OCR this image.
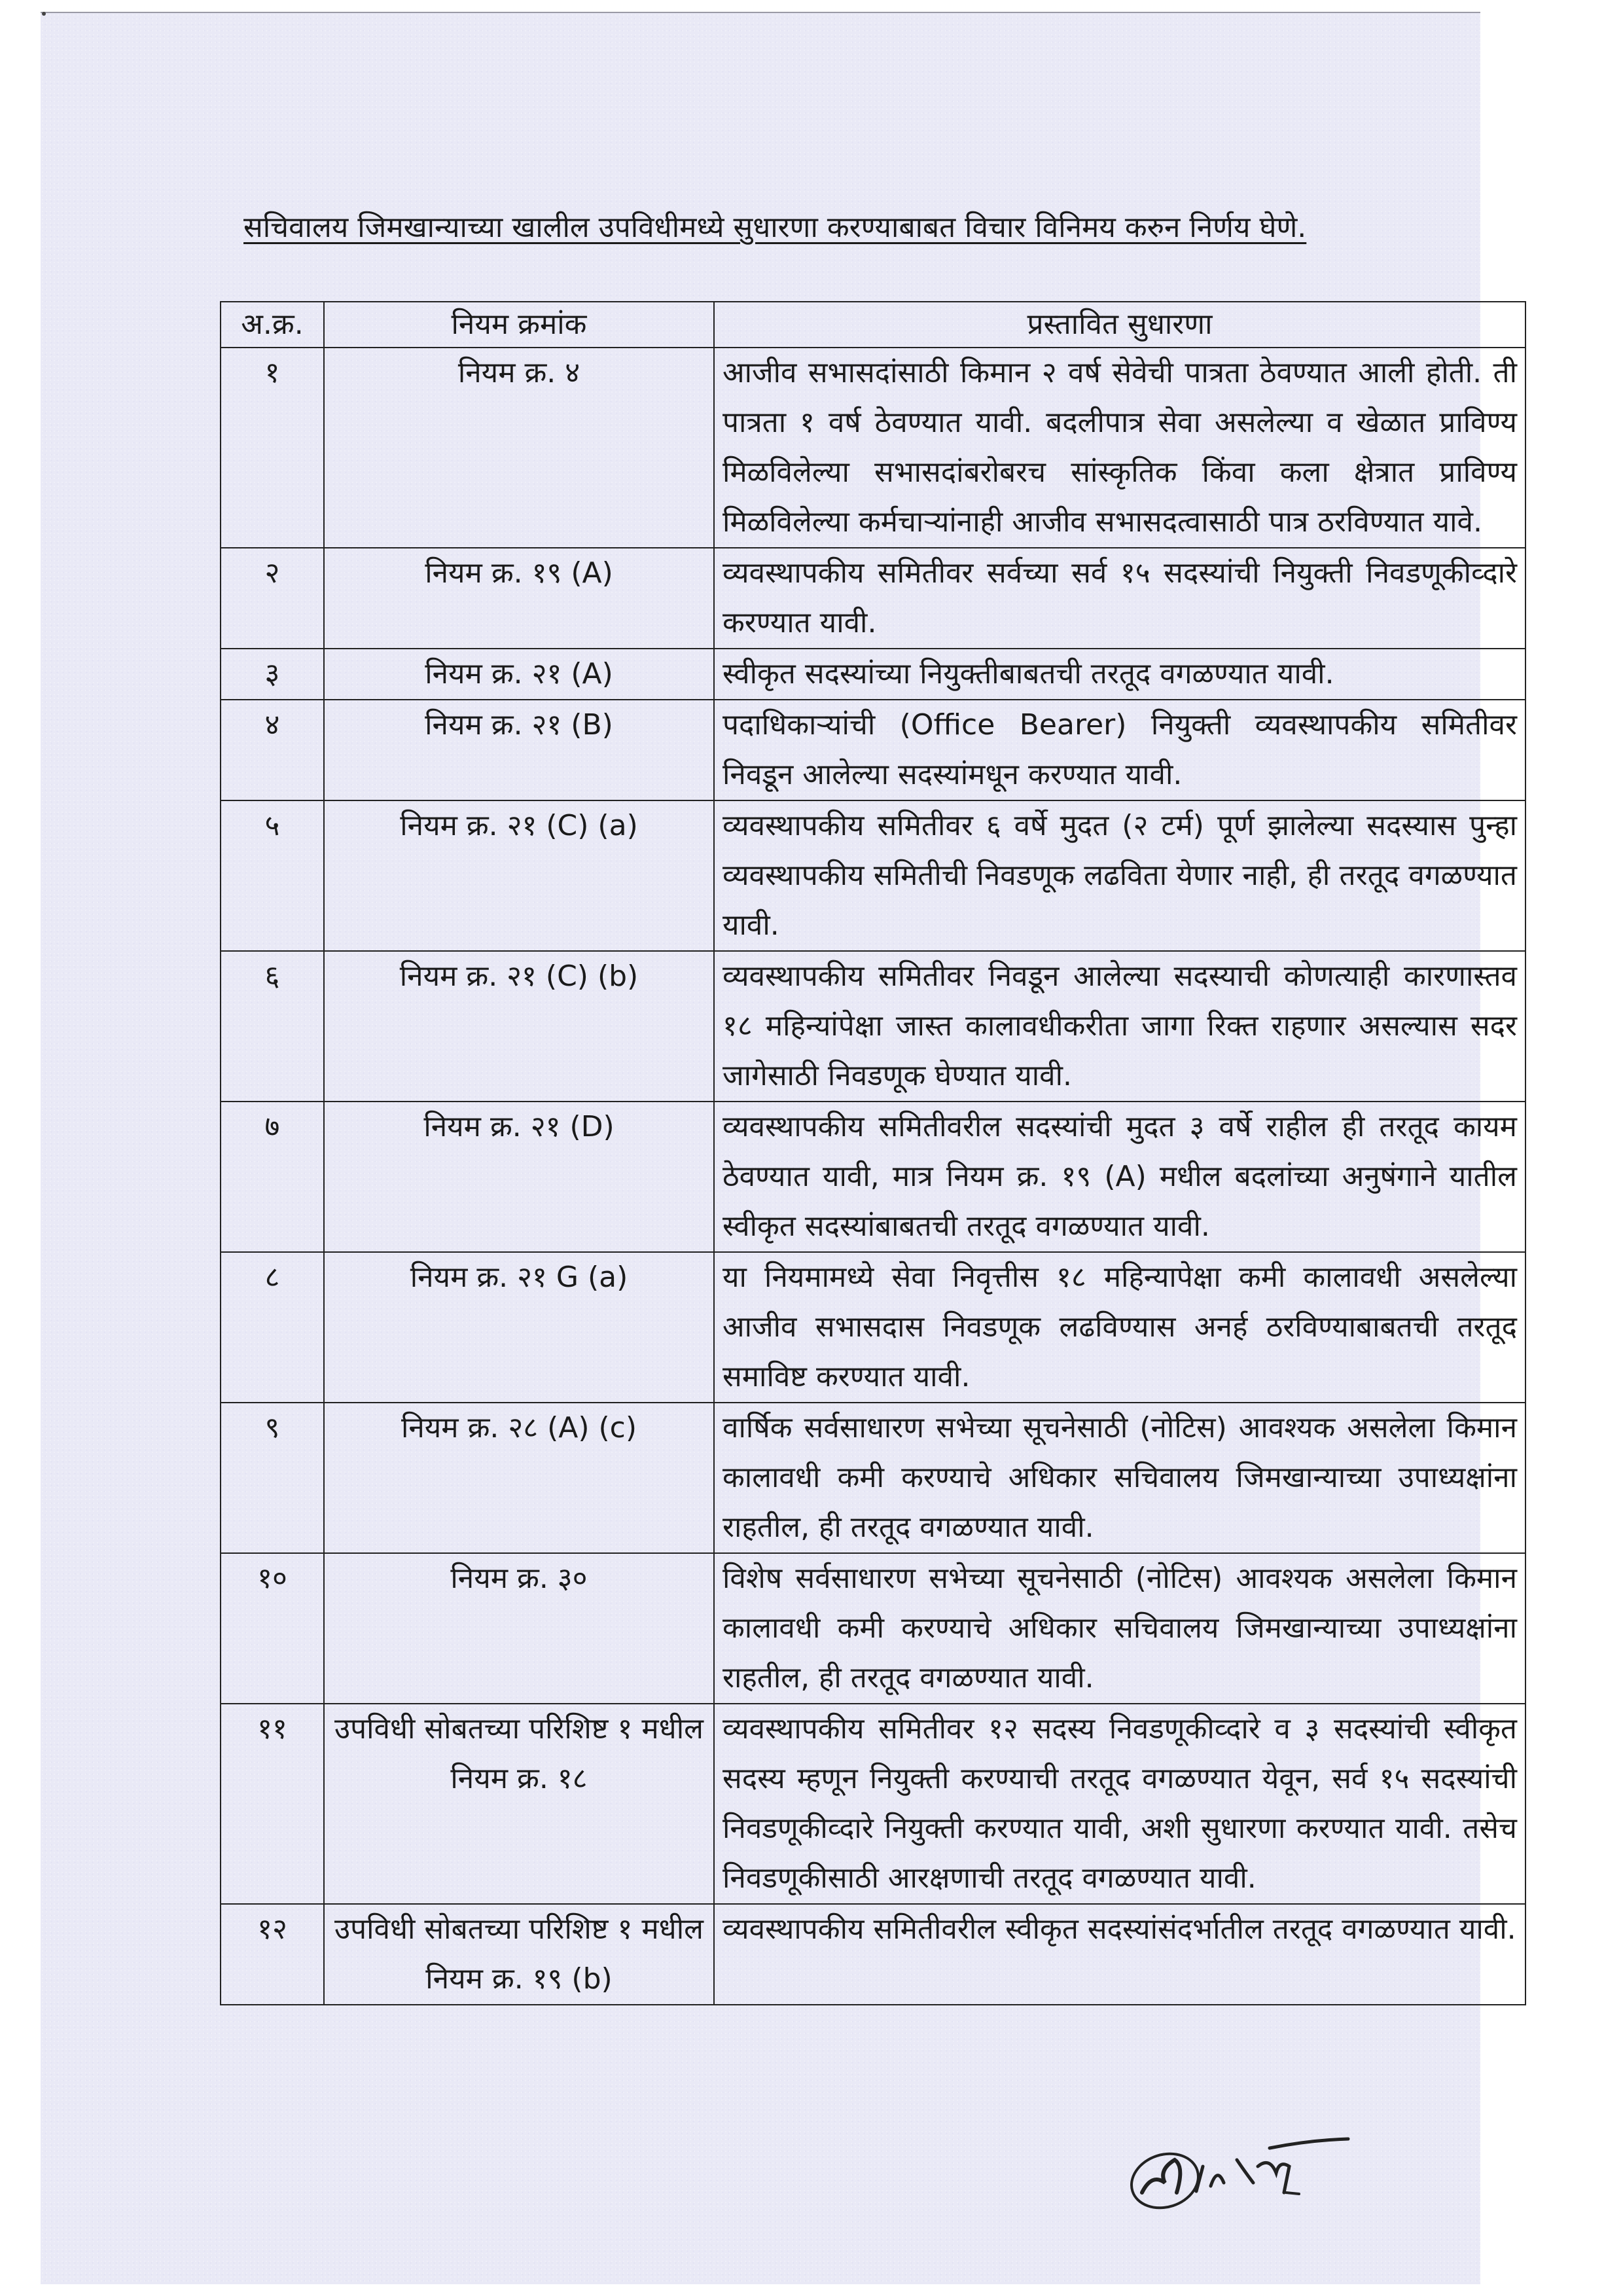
सचिवालय जिमखान्याच्या खालील उपविधीमध्ये सुधारणा करण्याबाबत विचार विनिमय करुन निर्णय घेणे.
अ.क्र.	नियम क्रमांक	प्रस्तावित सुधारणा
१	नियम क्र. ४	आजीव सभासदांसाठी किमान २ वर्ष सेवेची पात्रता ठेवण्यात आली होती. ती पात्रता १ वर्ष ठेवण्यात यावी. बदलीपात्र सेवा असलेल्या व खेळात प्राविण्य मिळविलेल्या सभासदांबरोबरच सांस्कृतिक किंवा कला क्षेत्रात प्राविण्य मिळविलेल्या कर्मचाऱ्यांनाही आजीव सभासदत्वासाठी पात्र ठरविण्यात यावे.
२	नियम क्र. १९ (A)	व्यवस्थापकीय समितीवर सर्वच्या सर्व १५ सदस्यांची नियुक्ती निवडणूकीव्दारे करण्यात यावी.
३	नियम क्र. २१ (A)	स्वीकृत सदस्यांच्या नियुक्तीबाबतची तरतूद वगळण्यात यावी.
४	नियम क्र. २१ (B)	पदाधिकाऱ्यांची (Office Bearer) नियुक्ती व्यवस्थापकीय समितीवर निवडून आलेल्या सदस्यांमधून करण्यात यावी.
५	नियम क्र. २१ (C) (a)	व्यवस्थापकीय समितीवर ६ वर्षे मुदत (२ टर्म) पूर्ण झालेल्या सदस्यास पुन्हा व्यवस्थापकीय समितीची निवडणूक लढविता येणार नाही, ही तरतूद वगळण्यात यावी.
६	नियम क्र. २१ (C) (b)	व्यवस्थापकीय समितीवर निवडून आलेल्या सदस्याची कोणत्याही कारणास्तव १८ महिन्यांपेक्षा जास्त कालावधीकरीता जागा रिक्त राहणार असल्यास सदर जागेसाठी निवडणूक घेण्यात यावी.
७	नियम क्र. २१ (D)	व्यवस्थापकीय समितीवरील सदस्यांची मुदत ३ वर्षे राहील ही तरतूद कायम ठेवण्यात यावी, मात्र नियम क्र. १९ (A) मधील बदलांच्या अनुषंगाने यातील स्वीकृत सदस्यांबाबतची तरतूद वगळण्यात यावी.
८	नियम क्र. २१ G (a)	या नियमामध्ये सेवा निवृत्तीस १८ महिन्यापेक्षा कमी कालावधी असलेल्या आजीव सभासदास निवडणूक लढविण्यास अनर्ह ठरविण्याबाबतची तरतूद समाविष्ट करण्यात यावी.
९	नियम क्र. २८ (A) (c)	वार्षिक सर्वसाधारण सभेच्या सूचनेसाठी (नोटिस) आवश्यक असलेला किमान कालावधी कमी करण्याचे अधिकार सचिवालय जिमखान्याच्या उपाध्यक्षांना राहतील, ही तरतूद वगळण्यात यावी.
१०	नियम क्र. ३०	विशेष सर्वसाधारण सभेच्या सूचनेसाठी (नोटिस) आवश्यक असलेला किमान कालावधी कमी करण्याचे अधिकार सचिवालय जिमखान्याच्या उपाध्यक्षांना राहतील, ही तरतूद वगळण्यात यावी.
११	उपविधी सोबतच्या परिशिष्ट १ मधील नियम क्र. १८	व्यवस्थापकीय समितीवर १२ सदस्य निवडणूकीव्दारे व ३ सदस्यांची स्वीकृत सदस्य म्हणून नियुक्ती करण्याची तरतूद वगळण्यात येवून, सर्व १५ सदस्यांची निवडणूकीव्दारे नियुक्ती करण्यात यावी, अशी सुधारणा करण्यात यावी. तसेच निवडणूकीसाठी आरक्षणाची तरतूद वगळण्यात यावी.
१२	उपविधी सोबतच्या परिशिष्ट १ मधील नियम क्र. १९ (b)	व्यवस्थापकीय समितीवरील स्वीकृत सदस्यांसंदर्भातील तरतूद वगळण्यात यावी.
